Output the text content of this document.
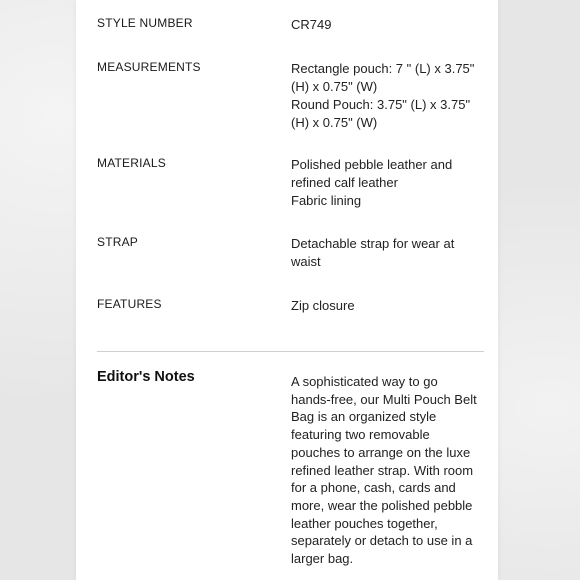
STYLE NUMBER	CR749
MEASUREMENTS	Rectangle pouch: 7 " (L) x 3.75"
(H) x 0.75" (W)
Round Pouch: 3.75" (L) x 3.75"
(H) x 0.75" (W)
MATERIALS	Polished pebble leather and
refined calf leather
Fabric lining
STRAP	Detachable strap for wear at
waist
FEATURES	Zip closure
Editor's Notes	A sophisticated way to go
hands-free, our Multi Pouch Belt
Bag is an organized style
featuring two removable
pouches to arrange on the luxe
refined leather strap. With room
for a phone, cash, cards and
more, wear the polished pebble
leather pouches together,
separately or detach to use in a
larger bag.
